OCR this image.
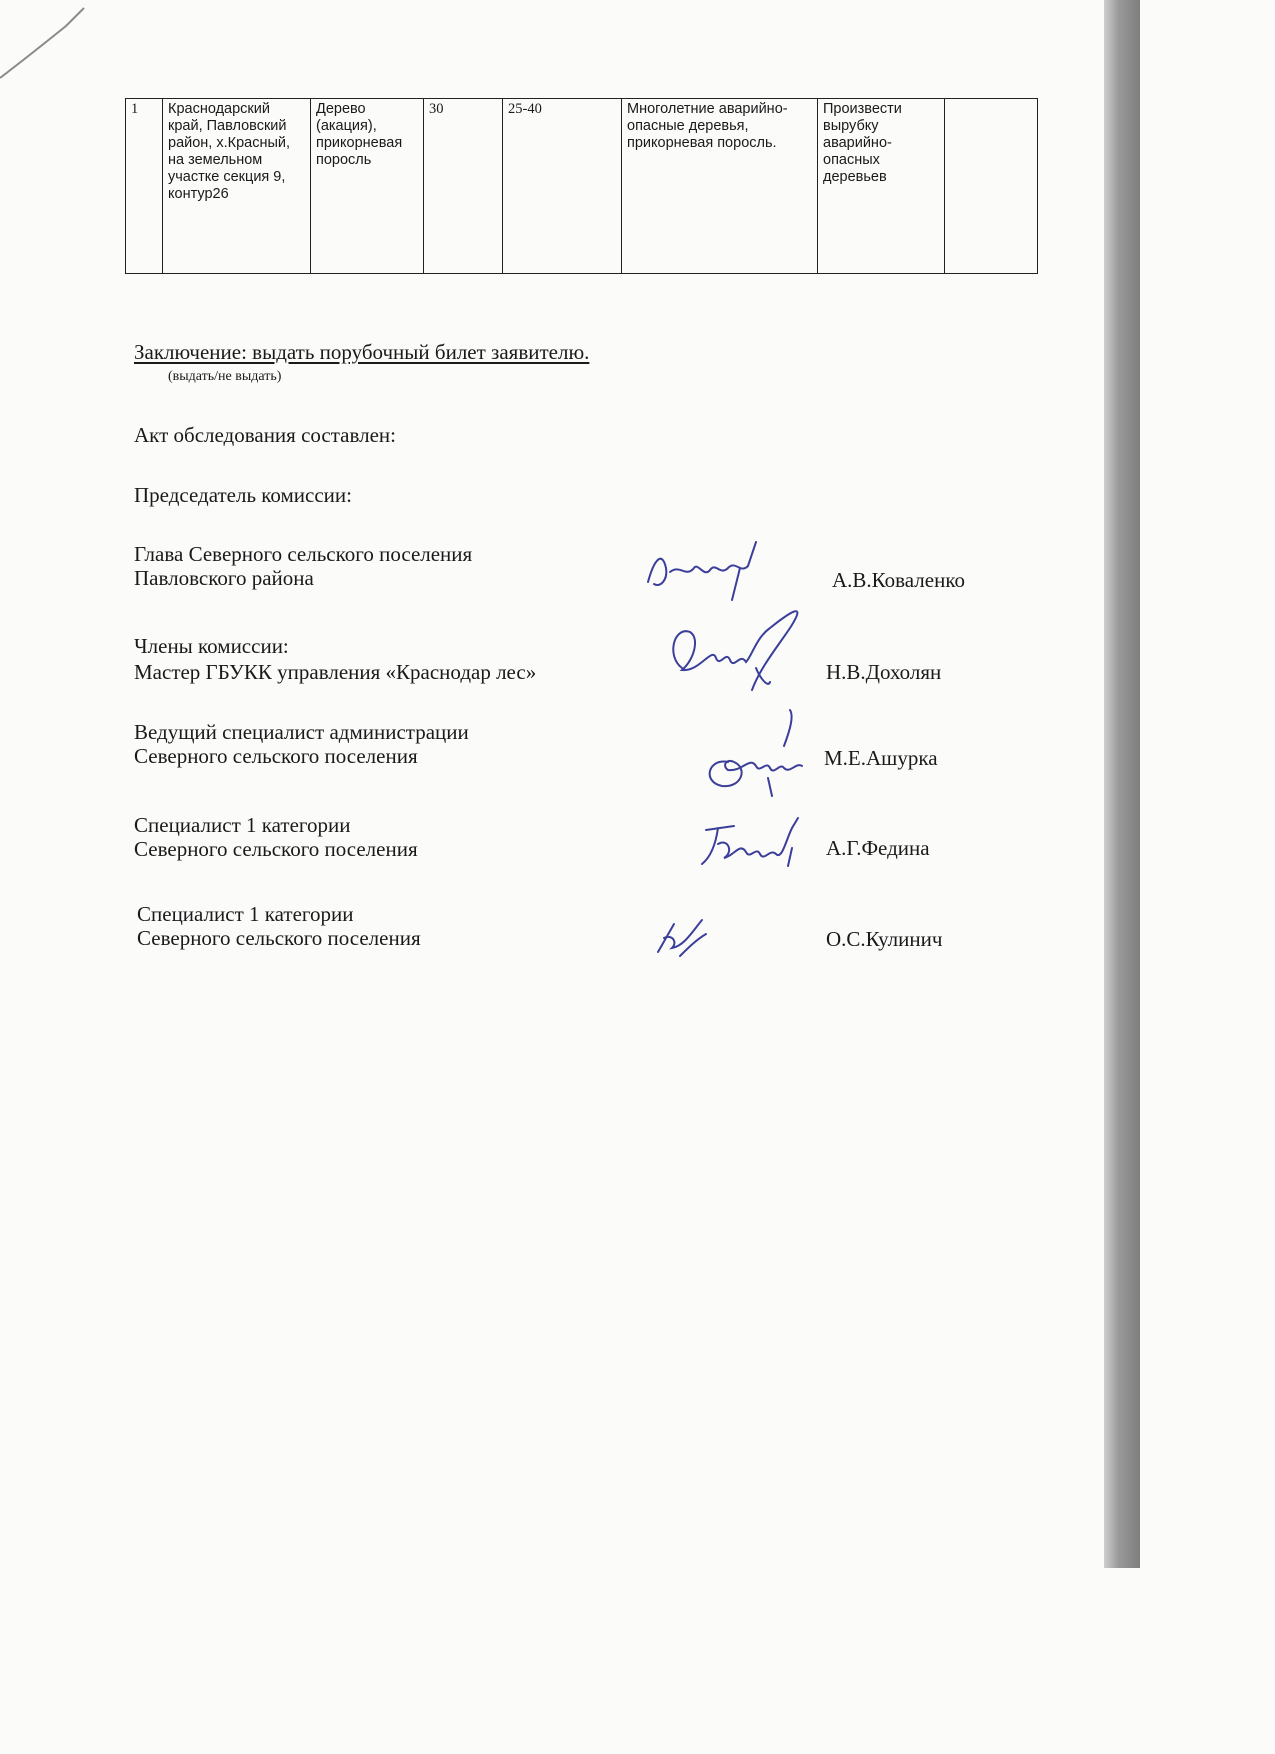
1	Краснодарский край, Павловский район, х.Красный, на земельном участке секция 9, контур26	Дерево (акация), прикорневая поросль	30	25-40	Многолетние аварийно-опасные деревья, прикорневая поросль.	Произвести вырубку аварийно-опасных деревьев	
Заключение: выдать порубочный билет заявителю.
(выдать/не выдать)
Акт обследования составлен:
Председатель комиссии:
Глава Северного сельского поселения
Павловского района	А.В.Коваленко
Члены комиссии:
Мастер ГБУКК управления «Краснодар лес»	Н.В.Дохолян
Ведущий специалист администрации
Северного сельского поселения	М.Е.Ашурка
Специалист 1 категории
Северного сельского поселения	А.Г.Федина
Специалист 1 категории
Северного сельского поселения	О.С.Кулинич
